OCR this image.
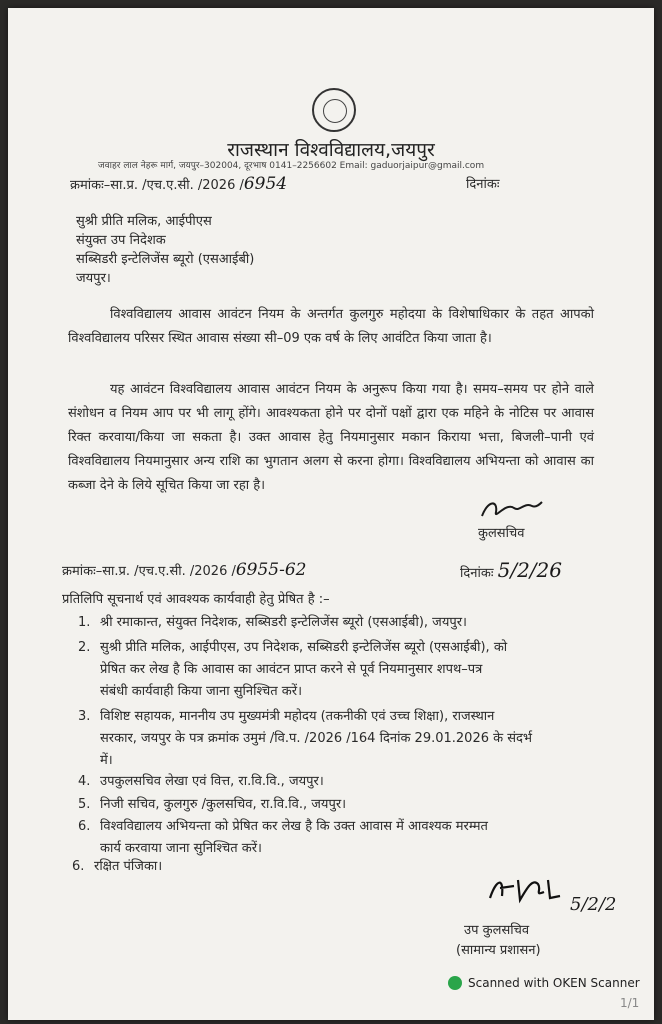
राजस्थान विश्वविद्यालय,जयपुर
जवाहर लाल नेहरू मार्ग, जयपुर–302004, दूरभाष 0141–2256602 Email: gaduorjaipur@gmail.com
क्रमांकः–सा.प्र. /एच.ए.सी. /2026 /6954	दिनांकः
सुश्री प्रीति मलिक, आईपीएस
संयुक्त उप निदेशक
सब्सिडरी इन्टेलिजेंस ब्यूरो (एसआईबी)
जयपुर।
विश्वविद्यालय आवास आवंटन नियम के अन्तर्गत कुलगुरु महोदया के विशेषाधिकार के तहत आपको विश्वविद्यालय परिसर स्थित आवास संख्या सी–09 एक वर्ष के लिए आवंटित किया जाता है।
यह आवंटन विश्वविद्यालय आवास आवंटन नियम के अनुरूप किया गया है। समय–समय पर होने वाले संशोधन व नियम आप पर भी लागू होंगे। आवश्यकता होने पर दोनों पक्षों द्वारा एक महिने के नोटिस पर आवास रिक्त करवाया/किया जा सकता है। उक्त आवास हेतु नियमानुसार मकान किराया भत्ता, बिजली–पानी एवं विश्वविद्यालय नियमानुसार अन्य राशि का भुगतान अलग से करना होगा। विश्वविद्यालय अभियन्ता को आवास का कब्जा देने के लिये सूचित किया जा रहा है।
कुलसचिव
क्रमांकः–सा.प्र. /एच.ए.सी. /2026 /6955-62	दिनांकः 5/2/26
प्रतिलिपि सूचनार्थ एवं आवश्यक कार्यवाही हेतु प्रेषित है :–
1. श्री रमाकान्त, संयुक्त निदेशक, सब्सिडरी इन्टेलिजेंस ब्यूरो (एसआईबी), जयपुर।
2. सुश्री प्रीति मलिक, आईपीएस, उप निदेशक, सब्सिडरी इन्टेलिजेंस ब्यूरो (एसआईबी), को
प्रेषित कर लेख है कि आवास का आवंटन प्राप्त करने से पूर्व नियमानुसार शपथ–पत्र
संबंधी कार्यवाही किया जाना सुनिश्चित करें।
3. विशिष्ट सहायक, माननीय उप मुख्यमंत्री महोदय (तकनीकी एवं उच्च शिक्षा), राजस्थान
सरकार, जयपुर के पत्र क्रमांक उमुमं /वि.प. /2026 /164 दिनांक 29.01.2026 के संदर्भ
में।
4. उपकुलसचिव लेखा एवं वित्त, रा.वि.वि., जयपुर।
5. निजी सचिव, कुलगुरु /कुलसचिव, रा.वि.वि., जयपुर।
6. विश्वविद्यालय अभियन्ता को प्रेषित कर लेख है कि उक्त आवास में आवश्यक मरम्मत
कार्य करवाया जाना सुनिश्चित करें।
6. रक्षित पंजिका।
5/2/2
उप कुलसचिव
(सामान्य प्रशासन)
Scanned with OKEN Scanner
1/1
